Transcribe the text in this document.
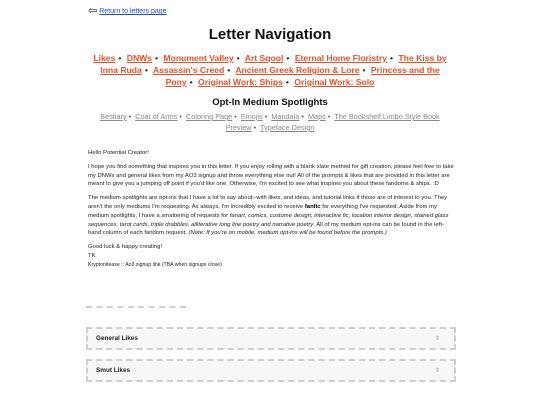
⇦ Return to letters page
Letter Navigation
Likes • DNWs • Monument Valley • Art Sqool • Eternal Home Floristry • The Kiss by Inna Ruda • Assassin's Creed • Ancient Greek Religion & Lore • Princess and the Pony • Original Work: Ships • Original Work: Solo
Opt-In Medium Spotlights
Bestiary • Coat of Arms • Coloring Page • Emojis • Mandala • Maps • The Bookshelf Limbo Style Book Preview • Typeface Design

Hello Potential Creator!

I hope you find something that inspires you in this letter. If you enjoy rolling with a blank slate method for gift creation, please feel free to take my DNWs and general likes from my AO3 signup and throw everything else out! All of the prompts & likes that are provided in this letter are meant to give you a jumping off point if you'd like one. Otherwise, I'm excited to see what inspires you about these fandoms & ships. :D

The medium spotlights are opt-ins that I have a lot to say about--with likes, and ideas, and tutorial links if those are of interest to you. They aren't the only mediums I'm requesting. As always, I'm incredibly excited to receive fanfic for everything I've requested. Aside from my medium spotlights, I have a smattering of requests for fanart, comics, costume design, interactive fic, location interior design, stained glass sequences, tarot cards, triple drabbles, alliterative long line poetry and narrative poetry. All of my medium opt-ins can be found in the left-hand column of each fandom request. (Note: If you're on mobile, medium opt-ins will be found before the prompts.)

Good luck & happy creating!
TK
Kryptonitease :: Ao3 signup link (TBA when signups close)
General Likes	⇕
Smut Likes	⇕
